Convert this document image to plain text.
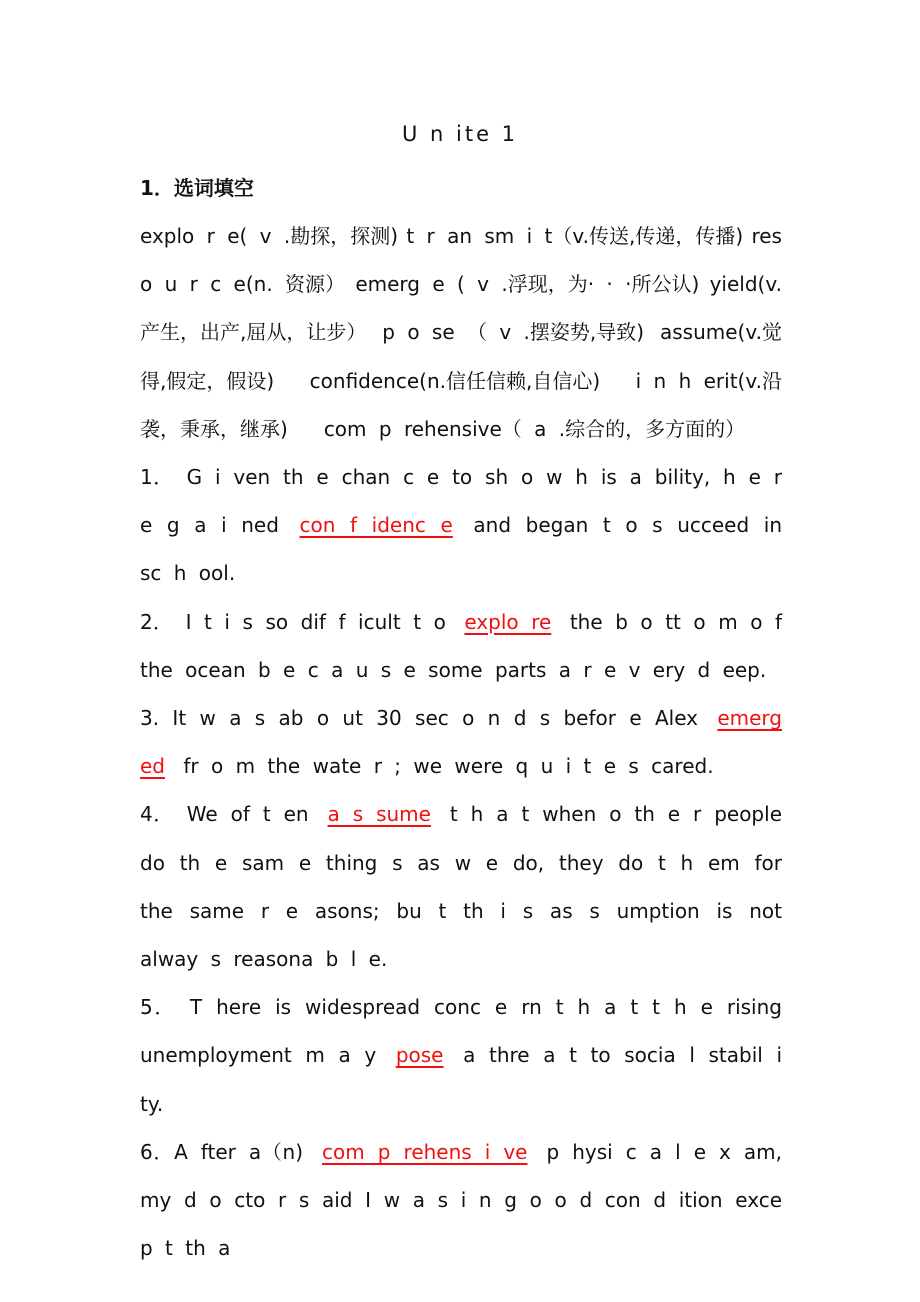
U n ite 1
1．选词填空

explo r e( v .勘探，探测) t r an sm i t（v.传送,传递，传播) res

o u r c e(n. 资源） emerg e ( v .浮现，为· · ·所公认) yield(v.

产生，出产,屈从，让步） p o se （ v .摆姿势,导致) assume(v.觉

得,假定，假设) confidence(n.信任信赖,自信心) i n h erit(v.沿

袭，秉承，继承) com p rehensive（ a .综合的，多方面的）

1． G i ven th e chan c e to sh o w h is a bility, h e r e g a i ned con f idenc e and began t o s ucceed in sc h ool.

2． I t i s so dif f icult t o explo re the b o tt o m o f the ocean b e c a u s e some parts a r e v ery d eep.

3. It w a s ab o ut 30 sec o n d s befor e Alex emerg ed fr o m the wate r ; we were q u i t e s cared.

4． We of t en a s sume t h a t when o th e r people do th e sam e thing s as w e do, they do t h em for the same r e asons; bu t th i s as s umption is not alway s reasona b l e.

5． T here is widespread conc e rn t h a t t h e rising unemployment m a y pose a thre a t to socia l stabil i ty.

6．A fter a（n) com p rehens i ve p hysi c a l e x am, my d o cto r s aid I w a s i n g o o d con d ition exce p t th a
